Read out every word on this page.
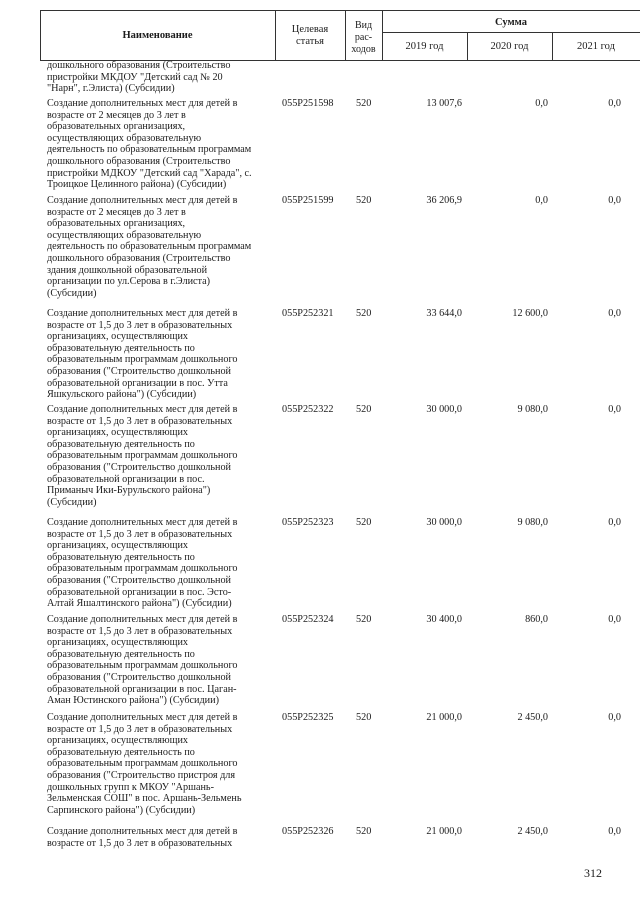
Наименование
Целевая
статья
Вид
рас-
ходов
Сумма
2019 год	2020 год	2021 год
дошкольного образования (Строительство
пристройки МКДОУ "Детский сад № 20
"Нарн", г.Элиста) (Субсидии)
Создание дополнительных мест для детей в
возрасте от 2 месяцев до 3 лет в
образовательных организациях,
осуществляющих образовательную
деятельность по образовательным программам
дошкольного образования (Строительство
пристройки МДКОУ "Детский сад "Харада", с.
Троицкое Целинного района) (Субсидии)
055P251598	520	13 007,6	0,0	0,0
Создание дополнительных мест для детей в
возрасте от 2 месяцев до 3 лет в
образовательных организациях,
осуществляющих образовательную
деятельность по образовательным программам
дошкольного образования (Строительство
здания дошкольной образовательной
организации по ул.Серова в г.Элиста)
(Субсидии)
055P251599	520	36 206,9	0,0	0,0
Создание дополнительных мест для детей в
возрасте от 1,5 до 3 лет в образовательных
организациях, осуществляющих
образовательную деятельность по
образовательным программам дошкольного
образования ("Строительство дошкольной
образовательной организации в пос. Утта
Яшкульского района") (Субсидии)
055P252321	520	33 644,0	12 600,0	0,0
Создание дополнительных мест для детей в
возрасте от 1,5 до 3 лет в образовательных
организациях, осуществляющих
образовательную деятельность по
образовательным программам дошкольного
образования ("Строительство дошкольной
образовательной организации в пос.
Приманыч Ики-Бурульского района")
(Субсидии)
055P252322	520	30 000,0	9 080,0	0,0
Создание дополнительных мест для детей в
возрасте от 1,5 до 3 лет в образовательных
организациях, осуществляющих
образовательную деятельность по
образовательным программам дошкольного
образования ("Строительство дошкольной
образовательной организации в пос. Эсто-
Алтай Яшалтинского района") (Субсидии)
055P252323	520	30 000,0	9 080,0	0,0
Создание дополнительных мест для детей в
возрасте от 1,5 до 3 лет в образовательных
организациях, осуществляющих
образовательную деятельность по
образовательным программам дошкольного
образования ("Строительство дошкольной
образовательной организации в пос. Цаган-
Аман Юстинского района") (Субсидии)
055P252324	520	30 400,0	860,0	0,0
Создание дополнительных мест для детей в
возрасте от 1,5 до 3 лет в образовательных
организациях, осуществляющих
образовательную деятельность по
образовательным программам дошкольного
образования ("Строительство пристроя для
дошкольных групп к МКОУ "Аршань-
Зельменская СОШ" в пос. Аршань-Зельмень
Сарпинского района") (Субсидии)
055P252325	520	21 000,0	2 450,0	0,0
Создание дополнительных мест для детей в
возрасте от 1,5 до 3 лет в образовательных
055P252326	520	21 000,0	2 450,0	0,0
312
